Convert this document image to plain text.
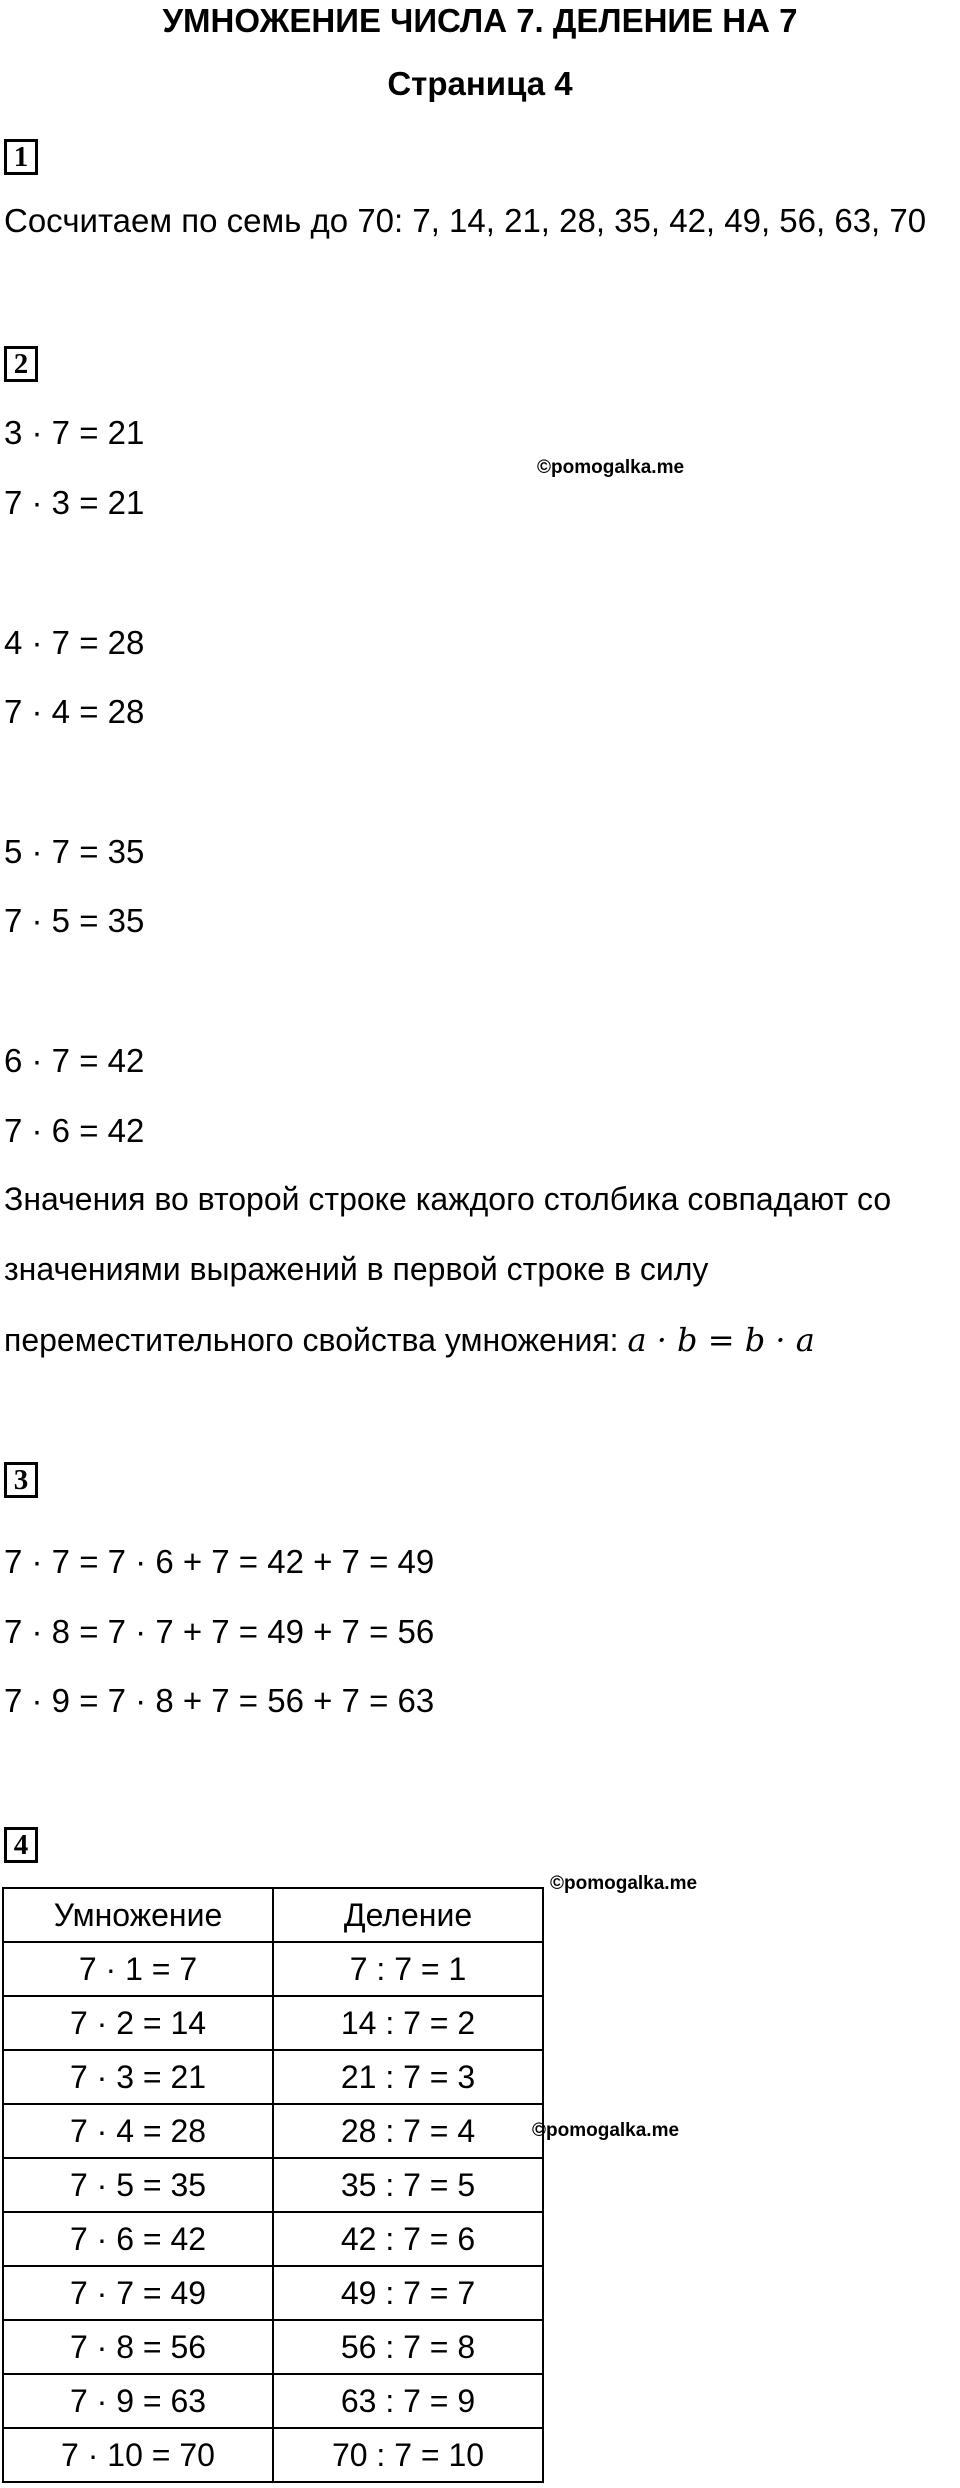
УМНОЖЕНИЕ ЧИСЛА 7. ДЕЛЕНИЕ НА 7
Страница 4
1
Сосчитаем по семь до 70: 7, 14, 21, 28, 35, 42, 49, 56, 63, 70
2
3 · 7 = 21
©pomogalka.me
7 · 3 = 21
4 · 7 = 28
7 · 4 = 28
5 · 7 = 35
7 · 5 = 35
6 · 7 = 42
7 · 6 = 42
Значения во второй строке каждого столбика совпадают со
значениями выражений в первой строке в силу
переместительного свойства умножения: a · b = b · a
3
7 · 7 = 7 · 6 + 7 = 42 + 7 = 49
7 · 8 = 7 · 7 + 7 = 49 + 7 = 56
7 · 9 = 7 · 8 + 7 = 56 + 7 = 63
4
©pomogalka.me
©pomogalka.me
Умножение	Деление
7 · 1 = 7	7 : 7 = 1
7 · 2 = 14	14 : 7 = 2
7 · 3 = 21	21 : 7 = 3
7 · 4 = 28	28 : 7 = 4
7 · 5 = 35	35 : 7 = 5
7 · 6 = 42	42 : 7 = 6
7 · 7 = 49	49 : 7 = 7
7 · 8 = 56	56 : 7 = 8
7 · 9 = 63	63 : 7 = 9
7 · 10 = 70	70 : 7 = 10
